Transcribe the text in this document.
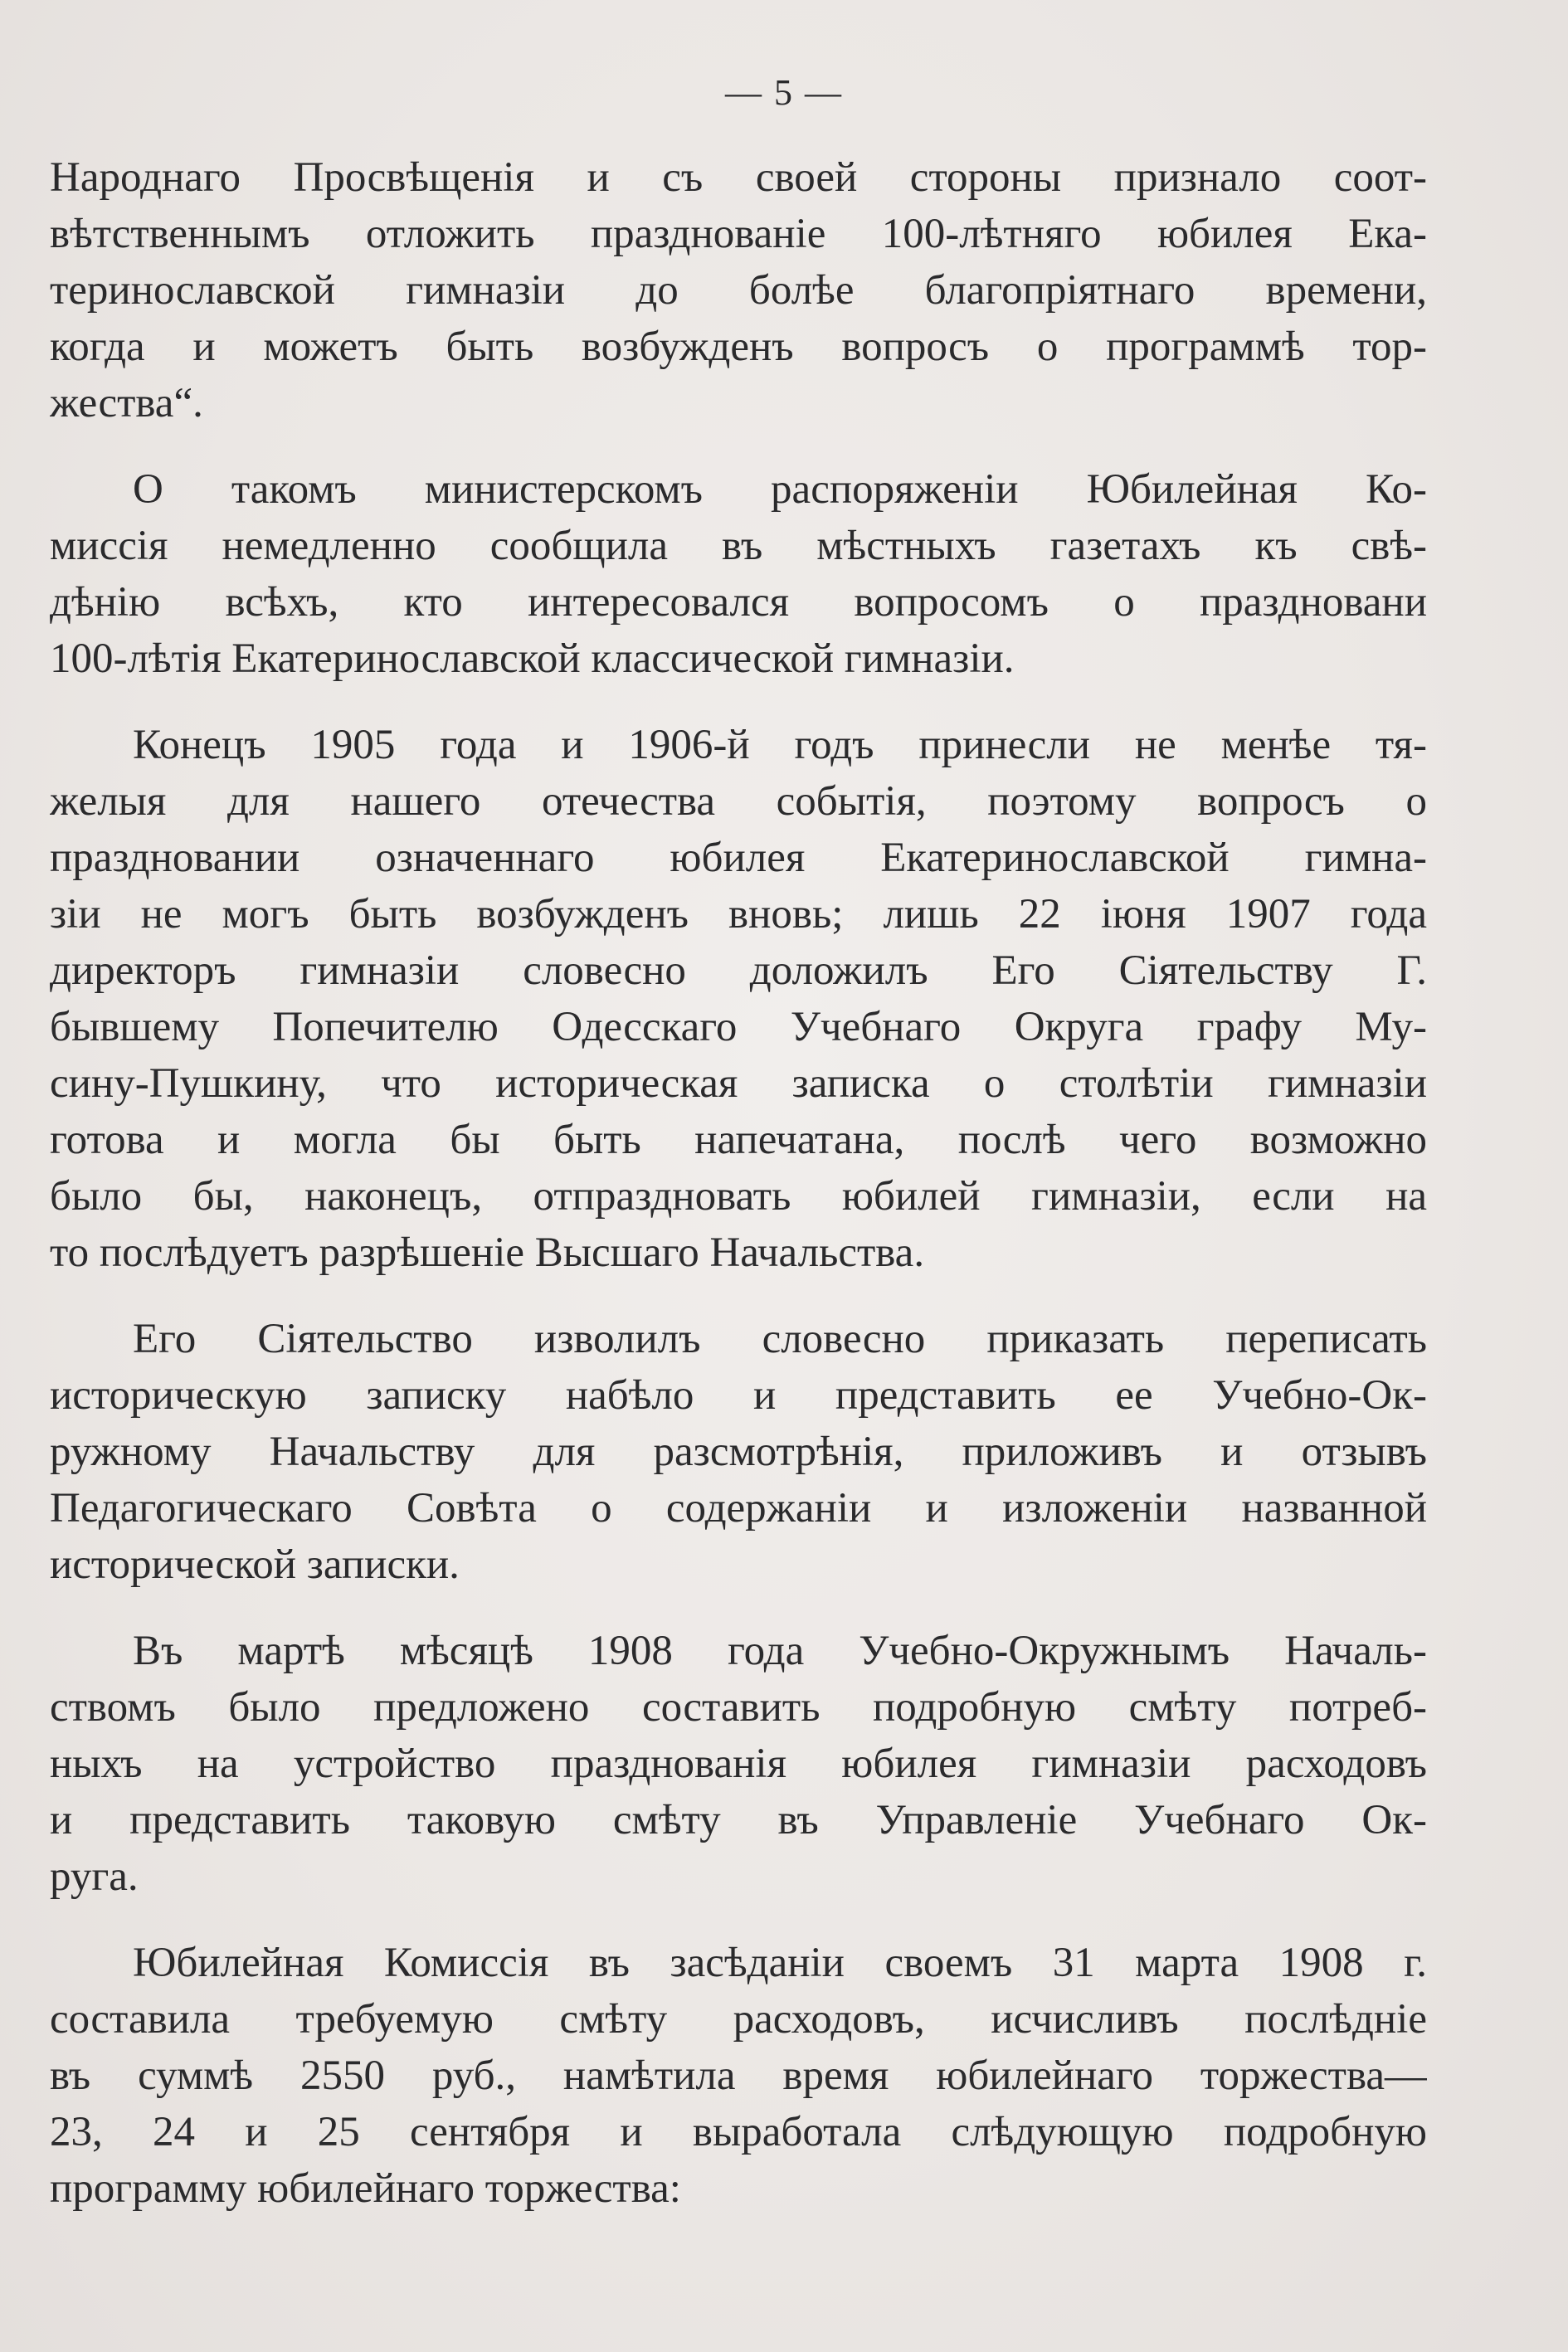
— 5 —
Народнаго Просвѣщенія и съ своей стороны признало соот-
вѣтственнымъ отложить празднованіе 100-лѣтняго юбилея Ека-
теринославской гимназіи до болѣе благопріятнаго времени,
когда и можетъ быть возбужденъ вопросъ о программѣ тор-
жества“.
О такомъ министерскомъ распоряженіи Юбилейная Ко-
миссія немедленно сообщила въ мѣстныхъ газетахъ къ свѣ-
дѣнію всѣхъ, кто интересовался вопросомъ о праздновани
100-лѣтія Екатеринославской классической гимназіи.
Конецъ 1905 года и 1906-й годъ принесли не менѣе тя-
желыя для нашего отечества событія, поэтому вопросъ о
праздновании означеннаго юбилея Екатеринославской гимна-
зіи не могъ быть возбужденъ вновь; лишь 22 іюня 1907 года
директоръ гимназіи словесно доложилъ Его Сіятельству Г.
бывшему Попечителю Одесскаго Учебнаго Округа графу Му-
сину-Пушкину, что историческая записка о столѣтіи гимназіи
готова и могла бы быть напечатана, послѣ чего возможно
было бы, наконецъ, отпраздновать юбилей гимназіи, если на
то послѣдуетъ разрѣшеніе Высшаго Начальства.
Его Сіятельство изволилъ словесно приказать переписать
историческую записку набѣло и представить ее Учебно-Ок-
ружному Начальству для разсмотрѣнія, приложивъ и отзывъ
Педагогическаго Совѣта о содержаніи и изложеніи названной
исторической записки.
Въ мартѣ мѣсяцѣ 1908 года Учебно-Окружнымъ Началь-
ствомъ было предложено составить подробную смѣту потреб-
ныхъ на устройство празднованія юбилея гимназіи расходовъ
и представить таковую смѣту въ Управленіе Учебнаго Ок-
руга.
Юбилейная Комиссія въ засѣданіи своемъ 31 марта 1908 г.
составила требуемую смѣту расходовъ, исчисливъ послѣдніе
въ суммѣ 2550 руб., намѣтила время юбилейнаго торжества—
23, 24 и 25 сентября и выработала слѣдующую подробную
программу юбилейнаго торжества:
